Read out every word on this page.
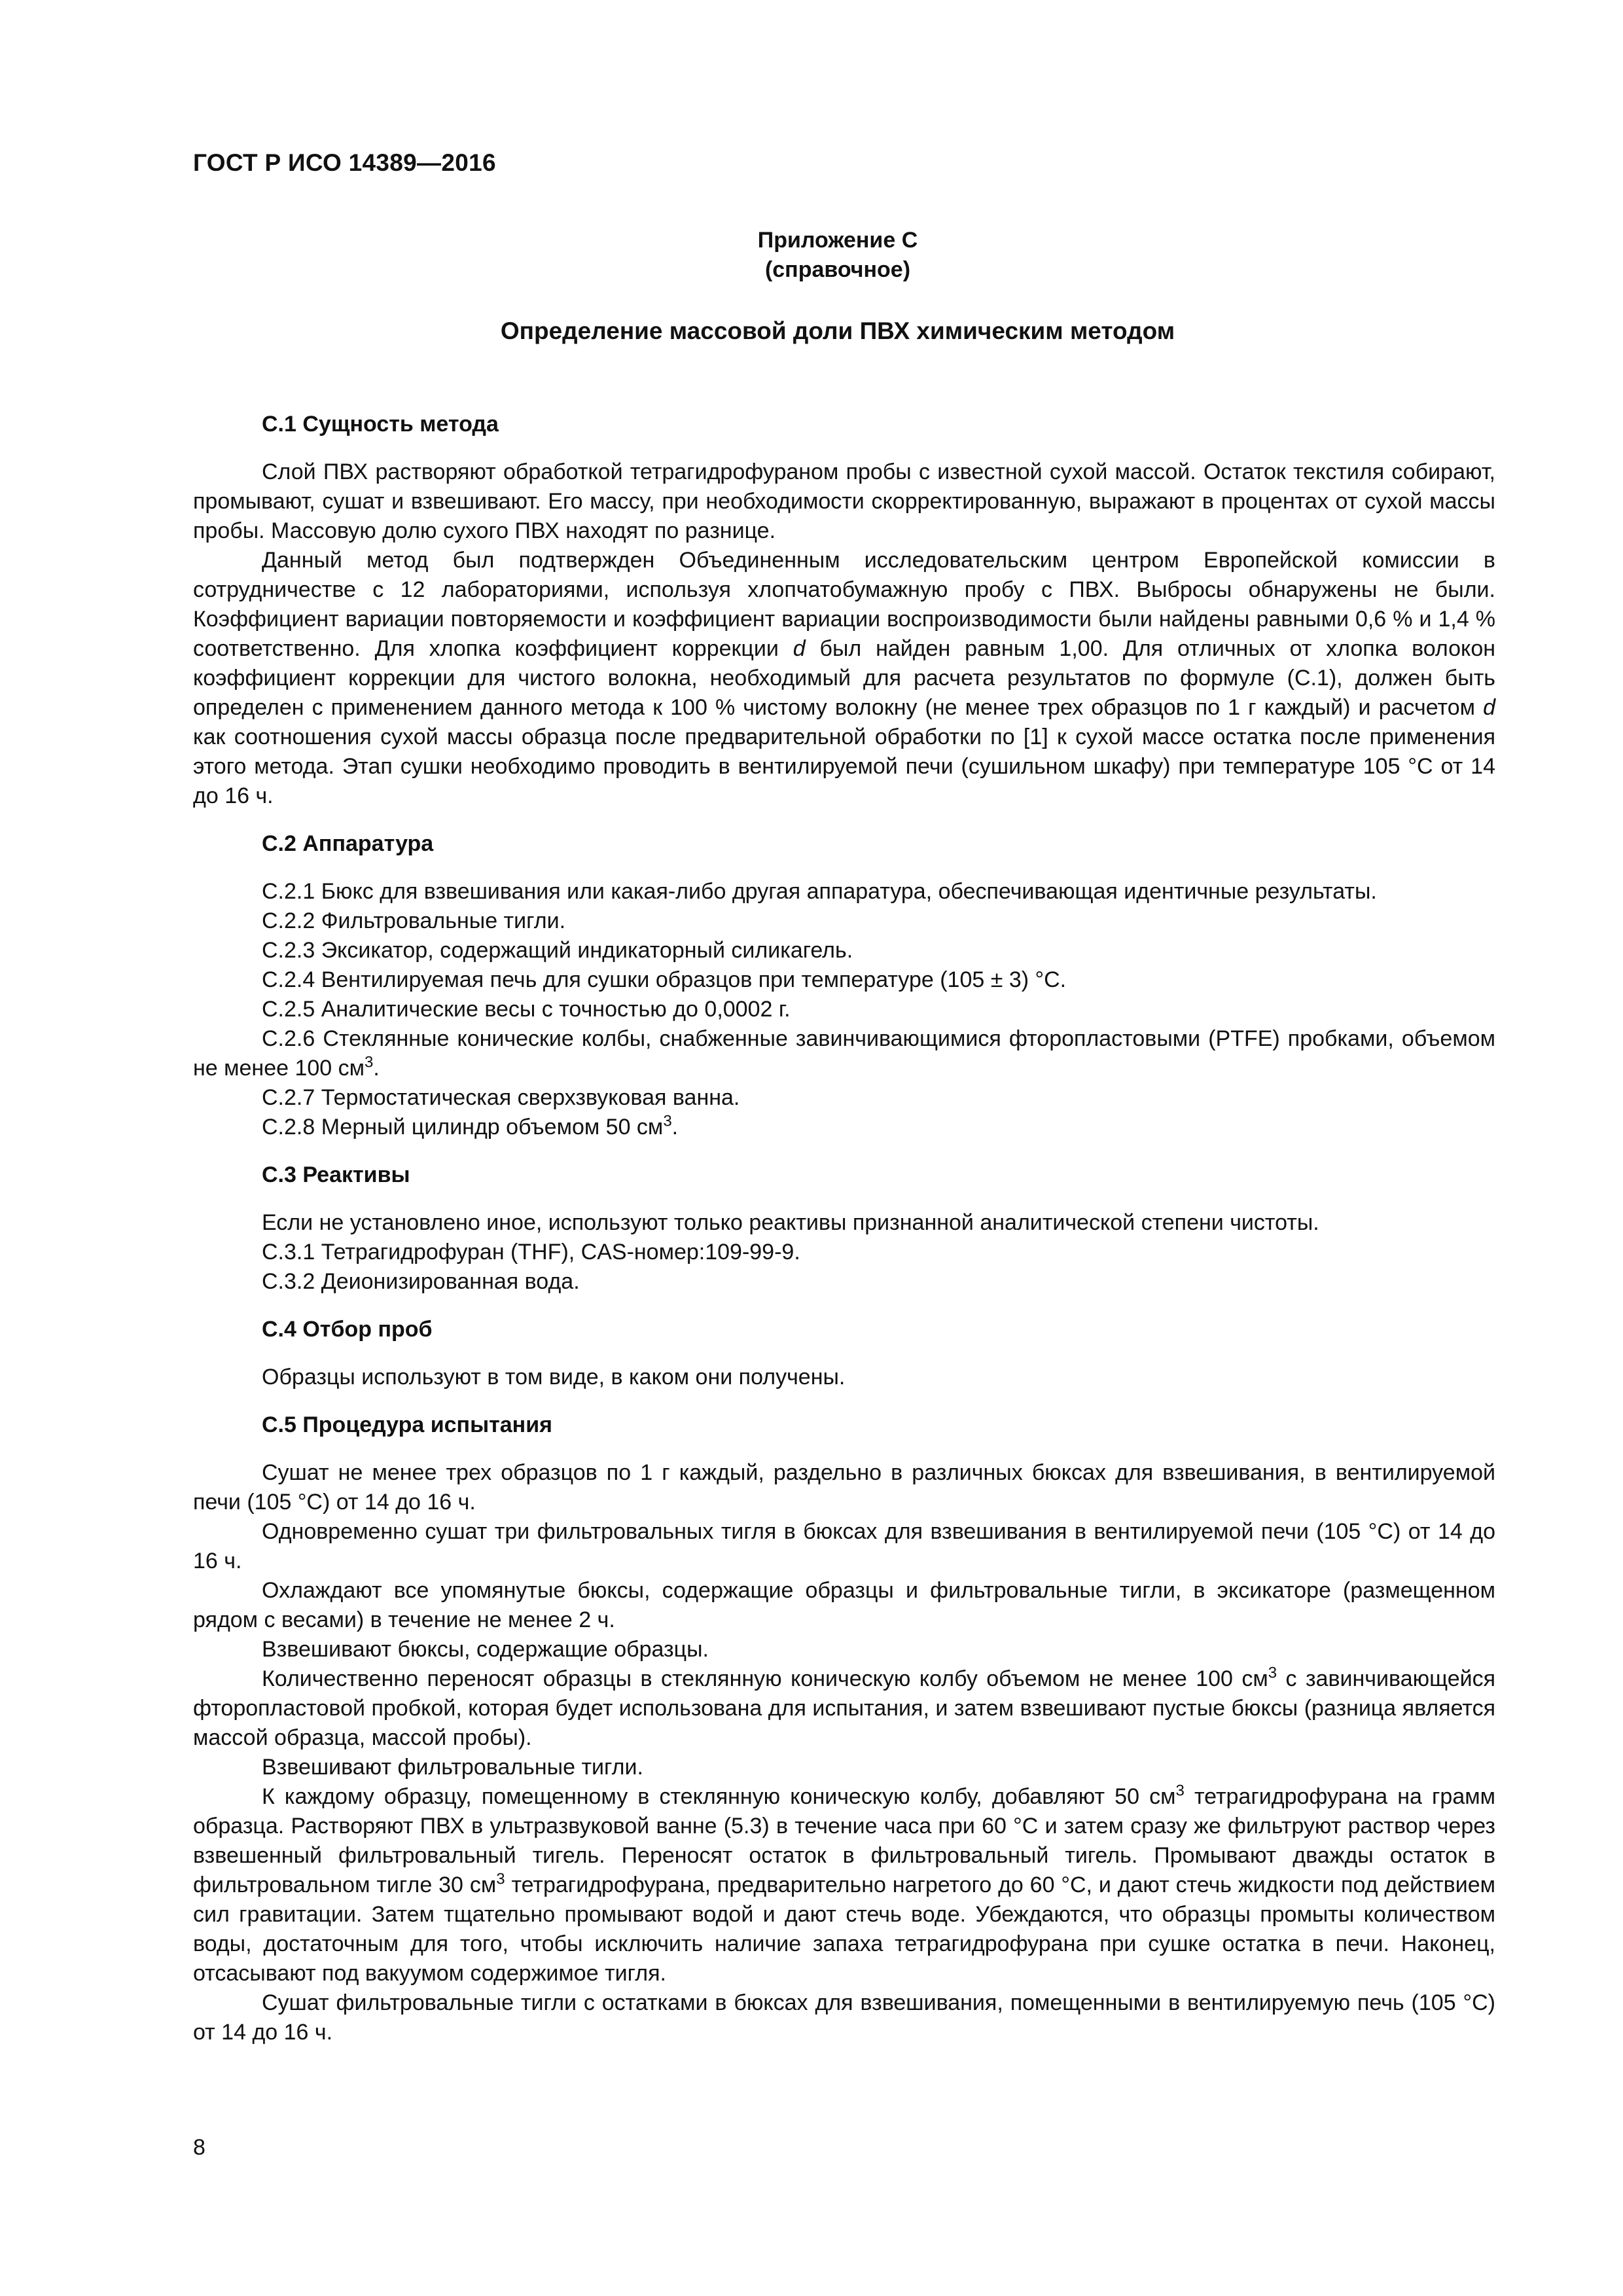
ГОСТ Р ИСО 14389—2016
Приложение С
(справочное)
Определение массовой доли ПВХ химическим методом
С.1 Сущность метода

Слой ПВХ растворяют обработкой тетрагидрофураном пробы с известной сухой массой. Остаток текстиля собирают, промывают, сушат и взвешивают. Его массу, при необходимости скорректированную, выражают в процентах от сухой массы пробы. Массовую долю сухого ПВХ находят по разнице.

Данный метод был подтвержден Объединенным исследовательским центром Европейской комиссии в сотрудничестве с 12 лабораториями, используя хлопчатобумажную пробу с ПВХ. Выбросы обнаружены не были. Коэффициент вариации повторяемости и коэффициент вариации воспроизводимости были найдены равными 0,6 % и 1,4 % соответственно. Для хлопка коэффициент коррекции d был найден равным 1,00. Для отличных от хлопка волокон коэффициент коррекции для чистого волокна, необходимый для расчета результатов по формуле (С.1), должен быть определен с применением данного метода к 100 % чистому волокну (не менее трех образцов по 1 г каждый) и расчетом d как соотношения сухой массы образца после предварительной обработки по [1] к сухой массе остатка после применения этого метода. Этап сушки необходимо проводить в вентилируемой печи (сушильном шкафу) при температуре 105 °С от 14 до 16 ч.

С.2 Аппаратура

С.2.1 Бюкс для взвешивания или какая-либо другая аппаратура, обеспечивающая идентичные результаты.

С.2.2 Фильтровальные тигли.

С.2.3 Эксикатор, содержащий индикаторный силикагель.

С.2.4 Вентилируемая печь для сушки образцов при температуре (105 ± 3) °С.

С.2.5 Аналитические весы с точностью до 0,0002 г.

С.2.6 Стеклянные конические колбы, снабженные завинчивающимися фторопластовыми (PTFE) пробками, объемом не менее 100 $см^3$.

С.2.7 Термостатическая сверхзвуковая ванна.

С.2.8 Мерный цилиндр объемом 50 $см^3$.

С.3 Реактивы

Если не установлено иное, используют только реактивы признанной аналитической степени чистоты.

С.3.1 Тетрагидрофуран (THF), CAS-номер:109-99-9.

С.3.2 Деионизированная вода.

С.4 Отбор проб

Образцы используют в том виде, в каком они получены.

С.5 Процедура испытания

Сушат не менее трех образцов по 1 г каждый, раздельно в различных бюксах для взвешивания, в вентилируемой печи (105 °С) от 14 до 16 ч.

Одновременно сушат три фильтровальных тигля в бюксах для взвешивания в вентилируемой печи (105 °С) от 14 до 16 ч.

Охлаждают все упомянутые бюксы, содержащие образцы и фильтровальные тигли, в эксикаторе (размещенном рядом с весами) в течение не менее 2 ч.

Взвешивают бюксы, содержащие образцы.

Количественно переносят образцы в стеклянную коническую колбу объемом не менее 100 $см^3$ с завинчивающейся фторопластовой пробкой, которая будет использована для испытания, и затем взвешивают пустые бюксы (разница является массой образца, массой пробы).

Взвешивают фильтровальные тигли.

К каждому образцу, помещенному в стеклянную коническую колбу, добавляют 50 $см^3$ тетрагидрофурана на грамм образца. Растворяют ПВХ в ультразвуковой ванне (5.3) в течение часа при 60 °С и затем сразу же фильтруют раствор через взвешенный фильтровальный тигель. Переносят остаток в фильтровальный тигель. Промывают дважды остаток в фильтровальном тигле 30 $см^3$ тетрагидрофурана, предварительно нагретого до 60 °С, и дают стечь жидкости под действием сил гравитации. Затем тщательно промывают водой и дают стечь воде. Убеждаются, что образцы промыты количеством воды, достаточным для того, чтобы исключить наличие запаха тетрагидрофурана при сушке остатка в печи. Наконец, отсасывают под вакуумом содержимое тигля.

Сушат фильтровальные тигли с остатками в бюксах для взвешивания, помещенными в вентилируемую печь (105 °С) от 14 до 16 ч.

8
